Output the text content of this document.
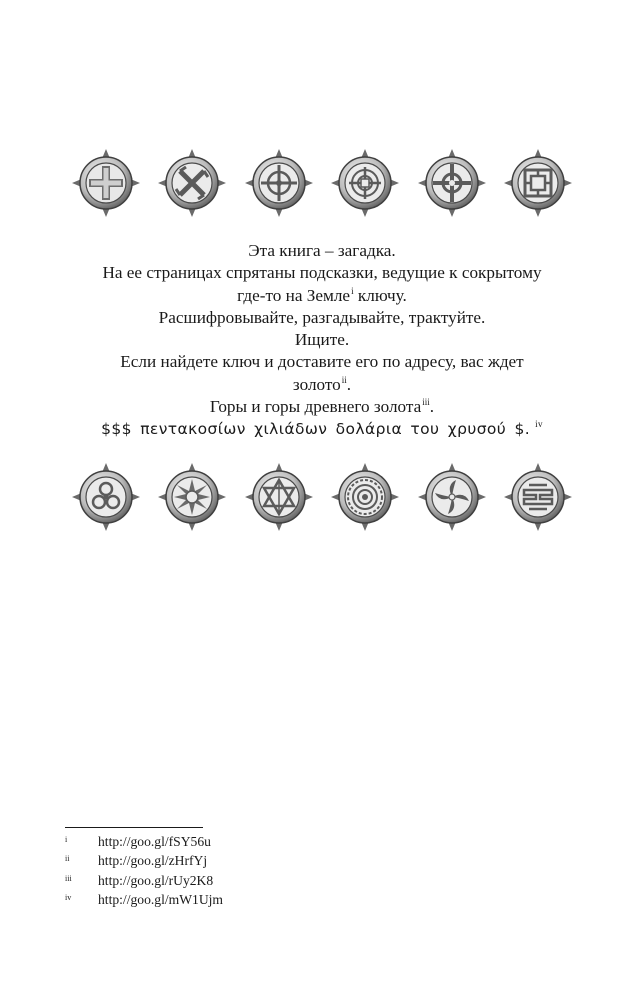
Эта книга – загадка.
На ее страницах спрятаны подсказки, ведущие к сокрытому
где-то на Земле$^i$ ключу.
Расшифровывайте, разгадывайте, трактуйте.
Ищите.
Если найдете ключ и доставите его по адресу, вас ждет
золото$^{ii}$.
Горы и горы древнего золота$^{iii}$.
$$$ πεντακοσίων χιλιάδων δολάρια του χρυσού $. $^{iv}$
i	http://goo.gl/fSY56u
ii	http://goo.gl/zHrfYj
iii	http://goo.gl/rUy2K8
iv	http://goo.gl/mW1Ujm
